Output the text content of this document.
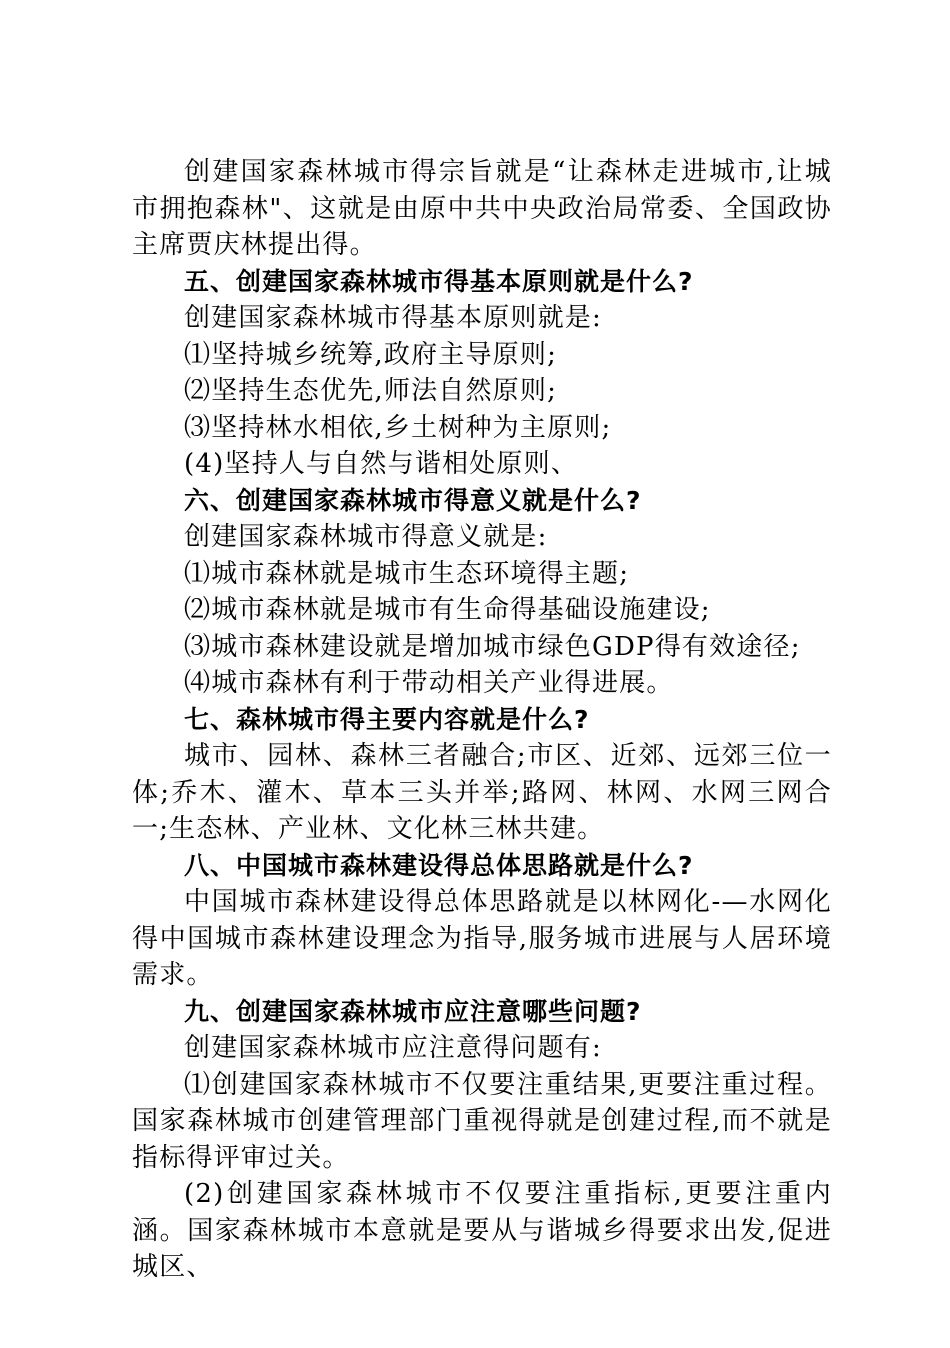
创建国家森林城市得宗旨就是“让森林走进城市,让城市拥抱森林"、这就是由原中共中央政治局常委、全国政协主席贾庆林提出得。

五、创建国家森林城市得基本原则就是什么?

创建国家森林城市得基本原则就是:

⑴坚持城乡统筹,政府主导原则;

⑵坚持生态优先,师法自然原则;

⑶坚持林水相依,乡土树种为主原则;

(4)坚持人与自然与谐相处原则、

六、创建国家森林城市得意义就是什么?

创建国家森林城市得意义就是:

⑴城市森林就是城市生态环境得主题;

⑵城市森林就是城市有生命得基础设施建设;

⑶城市森林建设就是增加城市绿色GDP得有效途径;

⑷城市森林有利于带动相关产业得进展。

七、森林城市得主要内容就是什么?

城市、园林、森林三者融合;市区、近郊、远郊三位一体;乔木、灌木、草本三头并举;路网、林网、水网三网合一;生态林、产业林、文化林三林共建。

八、中国城市森林建设得总体思路就是什么?

中国城市森林建设得总体思路就是以林网化-—水网化得中国城市森林建设理念为指导,服务城市进展与人居环境需求。

九、创建国家森林城市应注意哪些问题?

创建国家森林城市应注意得问题有:

⑴创建国家森林城市不仅要注重结果,更要注重过程。国家森林城市创建管理部门重视得就是创建过程,而不就是指标得评审过关。

(2)创建国家森林城市不仅要注重指标,更要注重内涵。国家森林城市本意就是要从与谐城乡得要求出发,促进城区、
